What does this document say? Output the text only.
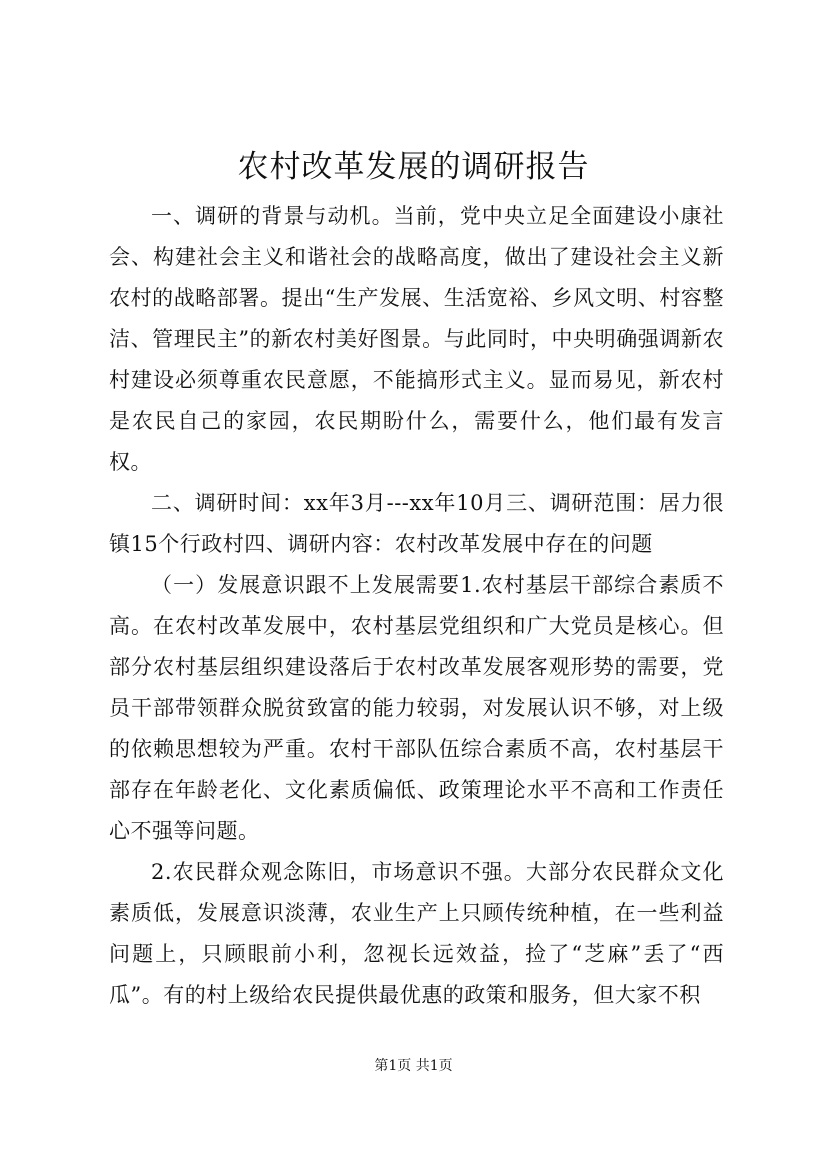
农村改革发展的调研报告

一、调研的背景与动机。当前，党中央立足全面建设小康社会、构建社会主义和谐社会的战略高度，做出了建设社会主义新农村的战略部署。提出“生产发展、生活宽裕、乡风文明、村容整洁、管理民主”的新农村美好图景。与此同时，中央明确强调新农村建设必须尊重农民意愿，不能搞形式主义。显而易见，新农村是农民自己的家园，农民期盼什么，需要什么，他们最有发言权。

二、调研时间：xx年3月---xx年10月三、调研范围：居力很镇15个行政村四、调研内容：农村改革发展中存在的问题

（一）发展意识跟不上发展需要1.农村基层干部综合素质不高。在农村改革发展中，农村基层党组织和广大党员是核心。但部分农村基层组织建设落后于农村改革发展客观形势的需要，党员干部带领群众脱贫致富的能力较弱，对发展认识不够，对上级的依赖思想较为严重。农村干部队伍综合素质不高，农村基层干部存在年龄老化、文化素质偏低、政策理论水平不高和工作责任心不强等问题。

2.农民群众观念陈旧，市场意识不强。大部分农民群众文化素质低，发展意识淡薄，农业生产上只顾传统种植，在一些利益问题上，只顾眼前小利，忽视长远效益，捡了“芝麻”丢了“西瓜”。有的村上级给农民提供最优惠的政策和服务，但大家不积

第1页 共1页
